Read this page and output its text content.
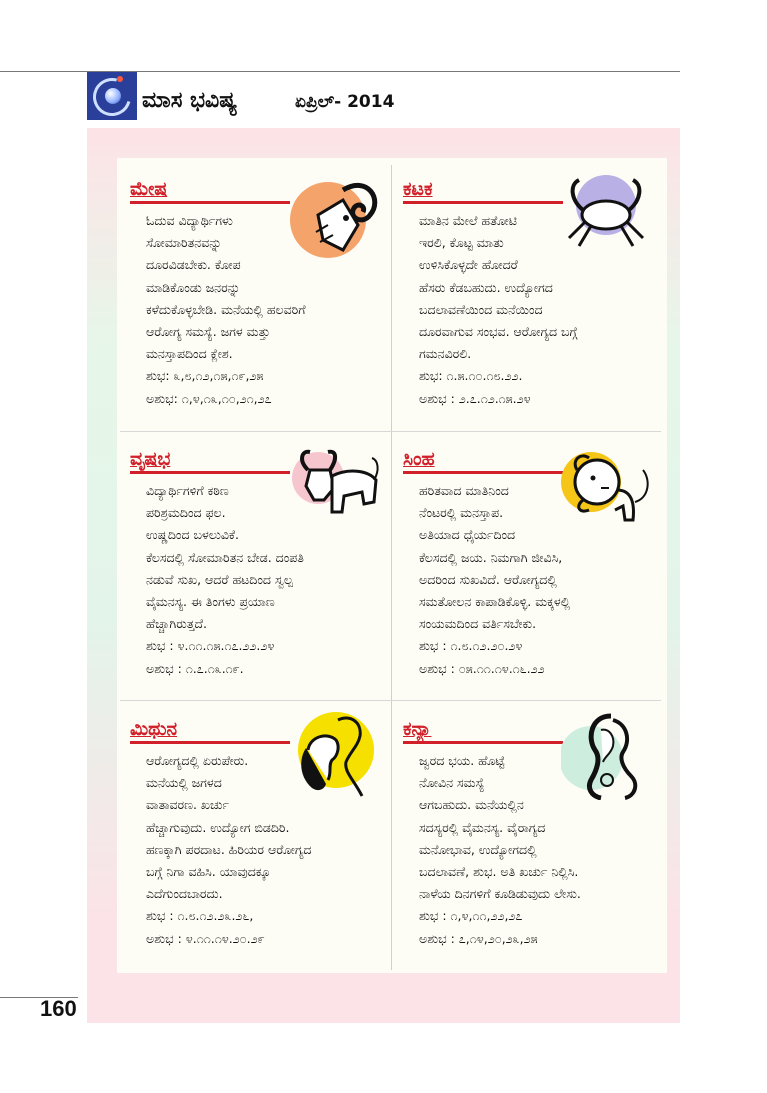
ಮಾಸ ಭವಿಷ್ಯ	ಏಪ್ರಿಲ್- 2014
ಮೇಷ
ಓದುವ ವಿದ್ಯಾರ್ಥಿಗಳು
ಸೋಮಾರಿತನವನ್ನು
ದೂರವಿಡಬೇಕು. ಕೋಪ
ಮಾಡಿಕೊಂಡು ಜನರನ್ನು
ಕಳೆದುಕೊಳ್ಳಬೇಡಿ. ಮನೆಯಲ್ಲಿ ಹಲವರಿಗೆ
ಆರೋಗ್ಯ ಸಮಸ್ಯೆ. ಜಗಳ ಮತ್ತು
ಮನಸ್ತಾಪದಿಂದ ಕ್ಲೇಶ.
ಶುಭ: ೩,೮,೧೨,೧೫,೧೯,೨೫
ಅಶುಭ: ೧,೪,೧೩,೧೦,೨೧,೨೭
ಕಟಕ
ಮಾತಿನ ಮೇಲೆ ಹತೋಟಿ
ಇರಲಿ, ಕೊಟ್ಟ ಮಾತು
ಉಳಿಸಿಕೊಳ್ಳದೇ ಹೋದರೆ
ಹೆಸರು ಕೆಡಬಹುದು. ಉದ್ಯೋಗದ
ಬದಲಾವಣೆಯಿಂದ ಮನೆಯಿಂದ
ದೂರವಾಗುವ ಸಂಭವ. ಆರೋಗ್ಯದ ಬಗ್ಗೆ
ಗಮನವಿರಲಿ.
ಶುಭ: ೧.೫.೧೦.೧೮.೨೨.
ಅಶುಭ : ೨.೭.೧೨.೧೫.೨೪
ವೃಷಭ
ವಿದ್ಯಾರ್ಥಿಗಳಿಗೆ ಕಠಿಣ
ಪರಿಶ್ರಮದಿಂದ ಫಲ.
ಉಷ್ಣದಿಂದ ಬಳಲುವಿಕೆ.
ಕೆಲಸದಲ್ಲಿ ಸೋಮಾರಿತನ ಬೇಡ. ದಂಪತಿ
ನಡುವೆ ಸುಖ, ಆದರೆ ಹಟದಿಂದ ಸ್ವಲ್ಪ
ವೈಮನಸ್ಯ. ಈ ತಿಂಗಳು ಪ್ರಯಾಣ
ಹೆಚ್ಚಾಗಿರುತ್ತದೆ.
ಶುಭ : ೪.೧೧.೧೫.೧೭.೨೨.೨೪
ಅಶುಭ : ೧.೭.೧೩.೧೯.
ಸಿಂಹ
ಹರಿತವಾದ ಮಾತಿನಿಂದ
ನೆಂಟರಲ್ಲಿ ಮನಸ್ತಾಪ.
ಅತಿಯಾದ ಧೈರ್ಯದಿಂದ
ಕೆಲಸದಲ್ಲಿ ಜಯ. ನಿಮಗಾಗಿ ಜೀವಿಸಿ,
ಅದರಿಂದ ಸುಖವಿದೆ. ಆರೋಗ್ಯದಲ್ಲಿ
ಸಮತೋಲನ ಕಾಪಾಡಿಕೊಳ್ಳಿ. ಮಕ್ಕಳಲ್ಲಿ
ಸಂಯಮದಿಂದ ವರ್ತಿಸಬೇಕು.
ಶುಭ : ೧.೮.೧೨.೨೦.೨೪
ಅಶುಭ : ೦೫.೧೧.೧೪.೧೬.೨೨
ಮಿಥುನ
ಆರೋಗ್ಯದಲ್ಲಿ ಏರುಪೇರು.
ಮನೆಯಲ್ಲಿ ಜಗಳದ
ವಾತಾವರಣ. ಖರ್ಚು
ಹೆಚ್ಚಾಗುವುದು. ಉದ್ಯೋಗ ಬಿಡದಿರಿ.
ಹಣಕ್ಕಾಗಿ ಪರದಾಟ. ಹಿರಿಯರ ಆರೋಗ್ಯದ
ಬಗ್ಗೆ ನಿಗಾ ವಹಿಸಿ. ಯಾವುದಕ್ಕೂ
ಎದೆಗುಂದಬಾರದು.
ಶುಭ : ೧.೮.೧೨.೨೩.೨೬,
ಅಶುಭ : ೪.೧೧.೧೪.೨೦.೨೯
ಕನ್ಯಾ
ಜ್ವರದ ಭಯ. ಹೊಟ್ಟೆ
ನೋವಿನ ಸಮಸ್ಯೆ
ಆಗಬಹುದು. ಮನೆಯಲ್ಲಿನ
ಸದಸ್ಯರಲ್ಲಿ ವೈಮನಸ್ಯ. ವೈರಾಗ್ಯದ
ಮನೋಭಾವ, ಉದ್ಯೋಗದಲ್ಲಿ
ಬದಲಾವಣೆ, ಶುಭ. ಅತಿ ಖರ್ಚು ನಿಲ್ಲಿಸಿ.
ನಾಳೆಯ ದಿನಗಳಿಗೆ ಕೂಡಿಡುವುದು ಲೇಸು.
ಶುಭ : ೧,೪,೧೧,೨೨,೨೭
ಅಶುಭ : ೭,೧೪,೨೦,೨೩,೨೫
160
